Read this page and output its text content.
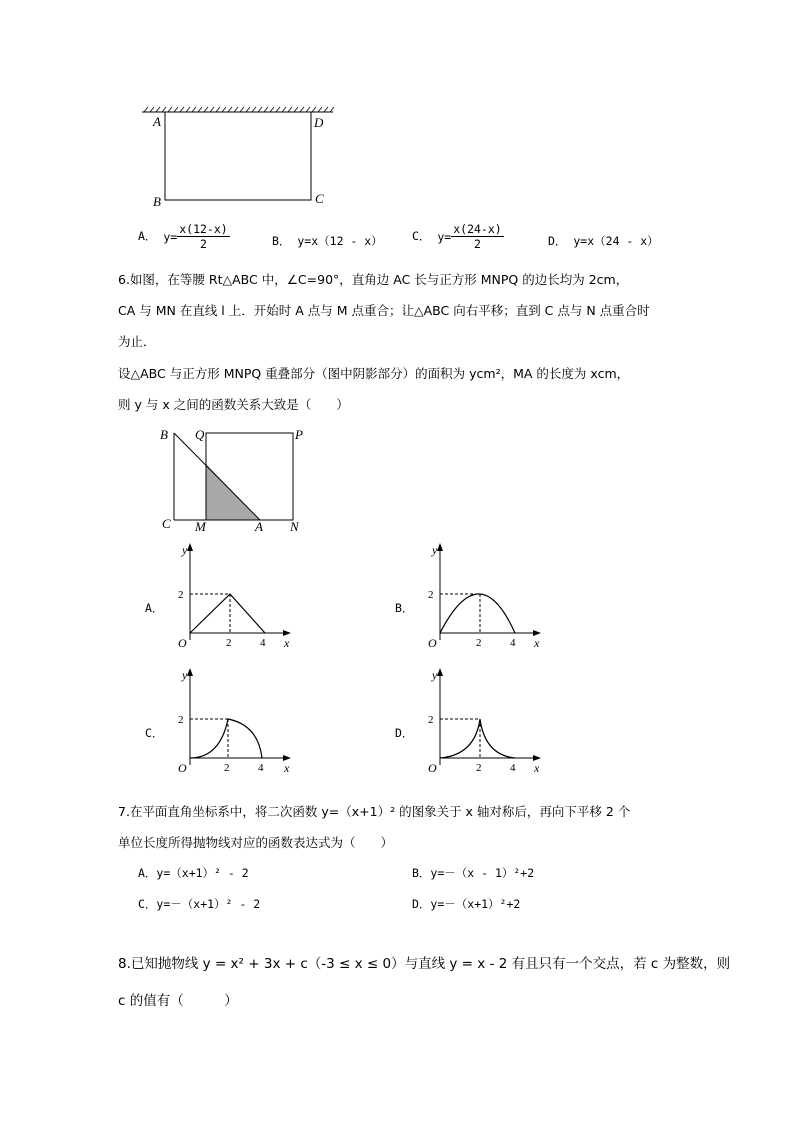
A	D
B	C
A． $y= \frac{x(12-x)}{2}$	B． y=x（12 - x）	C． $y= \frac{x(24-x)}{2}$	D． y=x（24 - x）
6.如图，在等腰 Rt△ABC 中，∠C=90°，直角边 AC 长与正方形 MNPQ 的边长均为 2cm，
CA 与 MN 在直线 l 上．开始时 A 点与 M 点重合；让△ABC 向右平移；直到 C 点与 N 点重合时
为止．
设△ABC 与正方形 MNPQ 重叠部分（图中阴影部分）的面积为 ycm²，MA 的长度为 xcm，
则 y 与 x 之间的函数关系大致是（　　）
B Q	P
C M	A N
A．
y
x
O	2	4
2
B．
y
x
O	2	4
2
C．
y
x
O	2	4
2
D．
y
x
O	2	4
2
7.在平面直角坐标系中，将二次函数 y=（x+1）² 的图象关于 x 轴对称后，再向下平移 2 个
单位长度所得抛物线对应的函数表达式为（　　）
A．y=（x+1）² - 2	B．y=－（x - 1）²+2
C．y=－（x+1）² - 2	D．y=－（x+1）²+2
8.已知抛物线 y = x² + 3x + c（-3 ≤ x ≤ 0）与直线 y = x - 2 有且只有一个交点，若 c 为整数，则
c 的值有（　　　）
